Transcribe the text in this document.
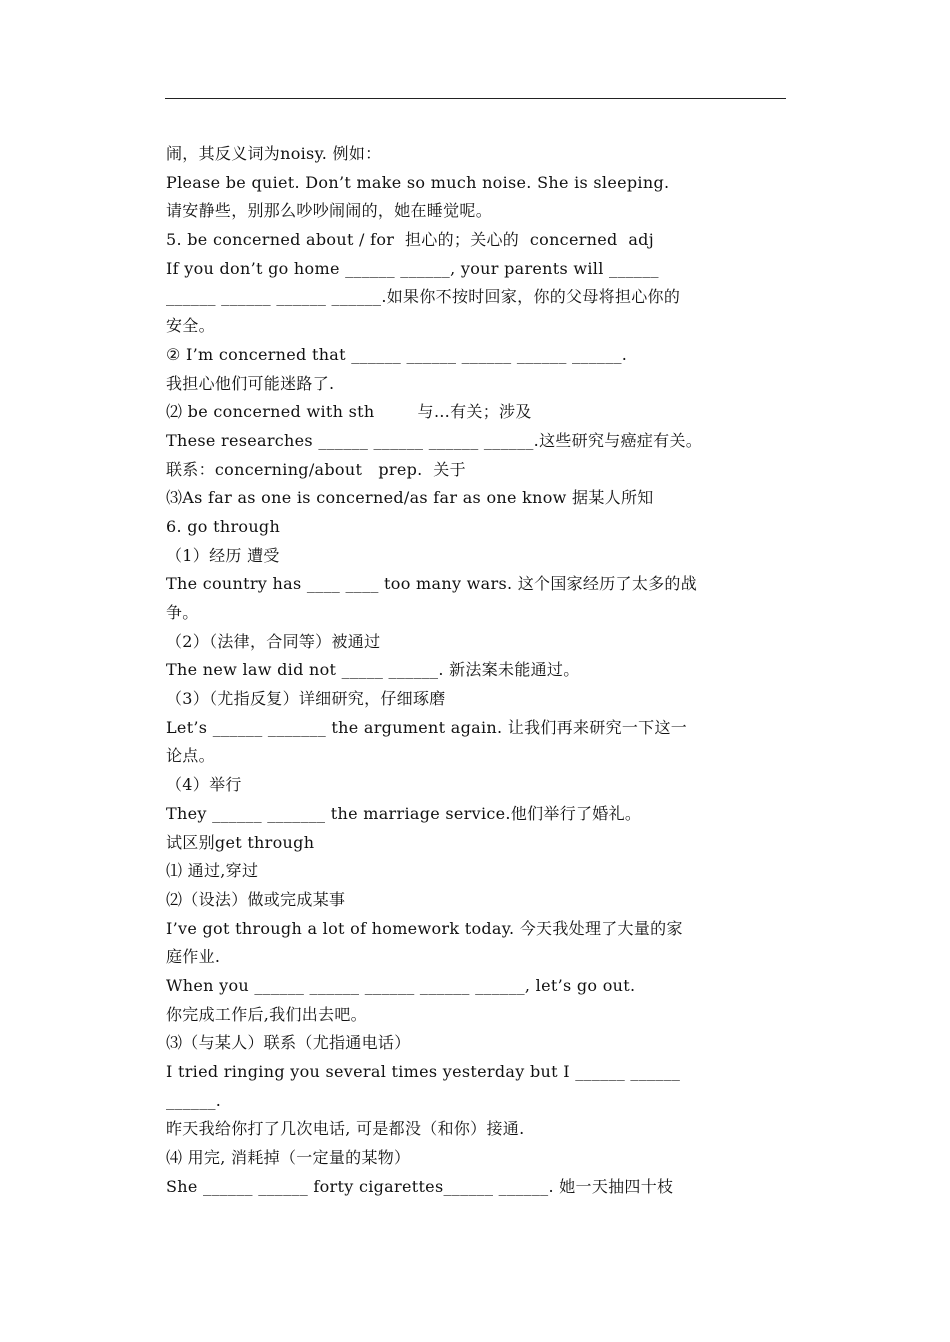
闹，其反义词为noisy. 例如：
Please be quiet. Don’t make so much noise. She is sleeping.
请安静些，别那么吵吵闹闹的，她在睡觉呢。
5. be concerned about / for  担心的；关心的  concerned  adj
If you don’t go home ______ ______, your parents will ______
______ ______ ______ ______.如果你不按时回家，你的父母将担心你的
安全。
② I’m concerned that ______ ______ ______ ______ ______.
我担心他们可能迷路了.
⑵ be concerned with sth        与…有关；涉及
These researches ______ ______ ______ ______.这些研究与癌症有关。
联系：concerning/about   prep.  关于
⑶As far as one is concerned/as far as one know 据某人所知
6. go through
（1）经历 遭受
The country has ____ ____ too many wars. 这个国家经历了太多的战
争。
（2）（法律，合同等）被通过
The new law did not _____ ______. 新法案未能通过。
（3）（尤指反复）详细研究，仔细琢磨
Let’s ______ _______ the argument again. 让我们再来研究一下这一
论点。
（4）举行
They ______ _______ the marriage service.他们举行了婚礼。
试区别get through
⑴ 通过,穿过
⑵（设法）做或完成某事
I’ve got through a lot of homework today. 今天我处理了大量的家
庭作业.
When you ______ ______ ______ ______ ______, let’s go out.
你完成工作后,我们出去吧。
⑶（与某人）联系（尤指通电话）
I tried ringing you several times yesterday but I ______ ______
______.
昨天我给你打了几次电话, 可是都没（和你）接通.
⑷ 用完, 消耗掉（一定量的某物）
She ______ ______ forty cigarettes______ ______. 她一天抽四十枝
